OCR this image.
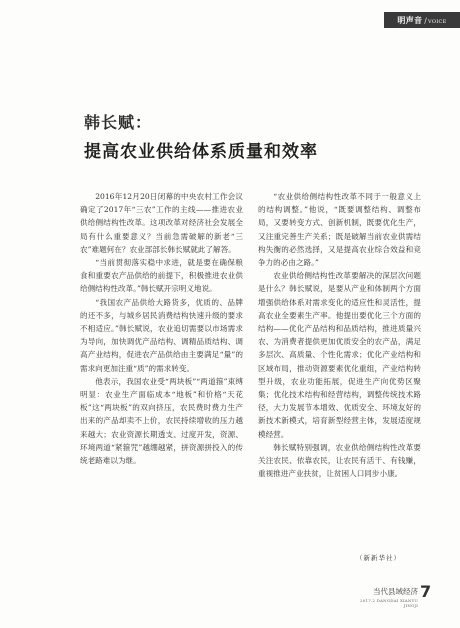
明声音 /VOICE
韩长赋：
提高农业供给体系质量和效率

2016年12月20日闭幕的中央农村工作会议确定了2017年“三农”工作的主线——推进农业供给侧结构性改革。这项改革对经济社会发展全局有什么重要意义？当前急需破解的新老“三农”难题何在？农业部部长韩长赋就此了解答。

“当前贯彻落实稳中求进，就是要在确保粮食和重要农产品供给的前提下，积极推进农业供给侧结构性改革。”韩长赋开宗明义地说。

“我国农产品供给大路货多，优质的、品牌的还不多，与城乡居民消费结构快速升级的要求不相适应。”韩长赋说，农业追切需要以市场需求为导向，加快调优产品结构、调精品质结构、调高产业结构，促进农产品供给由主要满足“量”的需求向更加注重“质”的需求转变。

他表示，我国农业受“两块板”“两道箍”束缚明显：农业生产面临成本“地板”和价格“天花板”这“两块板”的双向挤压，农民费时费力生产出来的产品却卖不上价，农民持续增收的压力越来越大；农业资源长期透支、过度开发，资源、环境两道“紧箍咒”越绷越紧，拼资源拼投入的传统老路难以为继。

“农业供给侧结构性改革不同于一般意义上的结构调整。”他说，“既要调整结构、调整布局，又要转变方式、创新机制，既要优化生产，又注重完善生产关系；既是破解当前农业供需结构失衡的必然选择，又是提高农业综合效益和竞争力的必由之路。”

农业供给侧结构性改革要解决的深层次问题是什么？韩长赋说，是要从产业和体制两个方面增强供给体系对需求变化的适应性和灵活性，提高农业全要素生产率。他提出要优化三个方面的结构——优化产品结构和品质结构，推进质量兴农、为消费者提供更加优质安全的农产品，满足多层次、高质量、个性化需求；优化产业结构和区域布局，推动资源要素优化重组，产业结构转型升级，农业功能拓展，促进生产向优势区聚集；优化技术结构和经营结构，调整传统技术路径，大力发展节本增效、优质安全、环境友好的新技术新模式，培育新型经营主体，发展适度规模经营。

韩长赋特别强调，农业供给侧结构性改革要关注农民、依靠农民，让农民有活干、有钱赚，重视推进产业扶贫，让贫困人口同步小康。

（新新华社）
当代县域经济
2017.2 DANGDAI XIANYU JINGJI
7
